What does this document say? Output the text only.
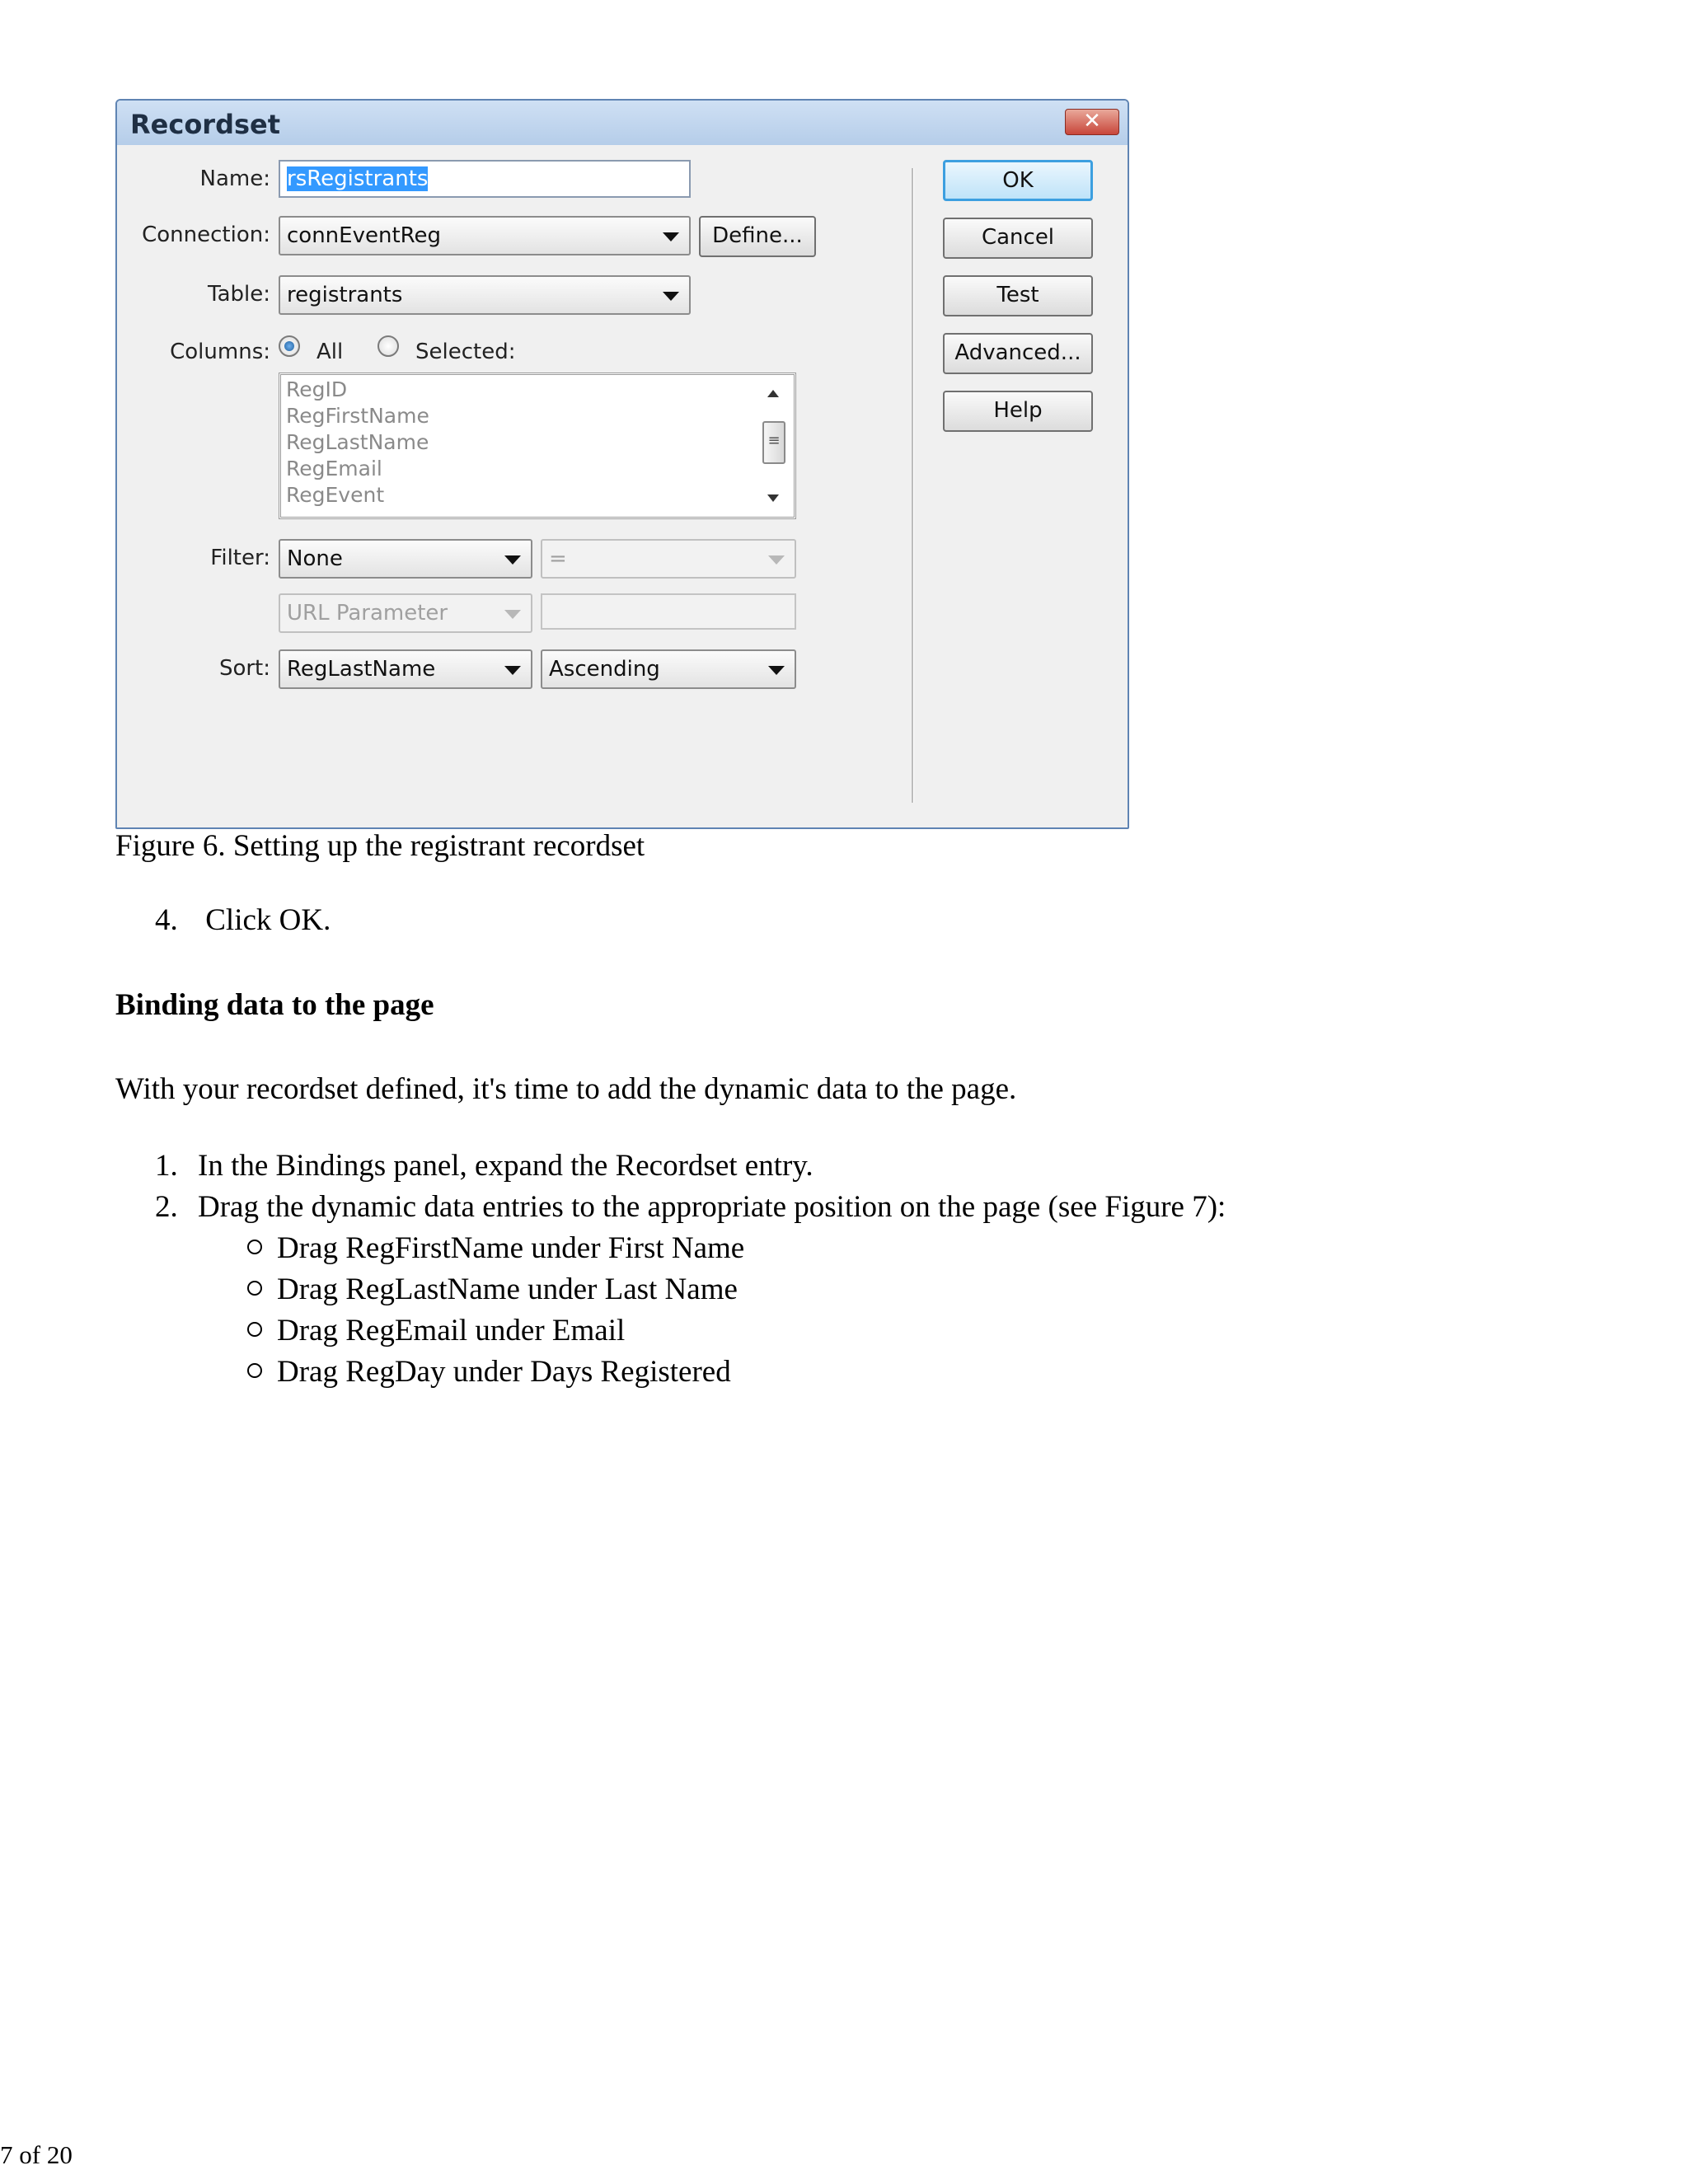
Recordset	✕
Name: rsRegistrants
Connection: connEventReg	Define...
Table: registrants
Columns: All	Selected:
RegID
RegFirstName
RegLastName
RegEmail
RegEvent
≡
Filter: None	=
URL Parameter
Sort: RegLastName	Ascending
OK
Cancel
Test
Advanced...
Help
Figure 6. Setting up the registrant recordset
4. Click OK.
Binding data to the page
With your recordset defined, it's time to add the dynamic data to the page.
1. In the Bindings panel, expand the Recordset entry.
2. Drag the dynamic data entries to the appropriate position on the page (see Figure 7):
Drag RegFirstName under First Name
Drag RegLastName under Last Name
Drag RegEmail under Email
Drag RegDay under Days Registered
7 of 20
